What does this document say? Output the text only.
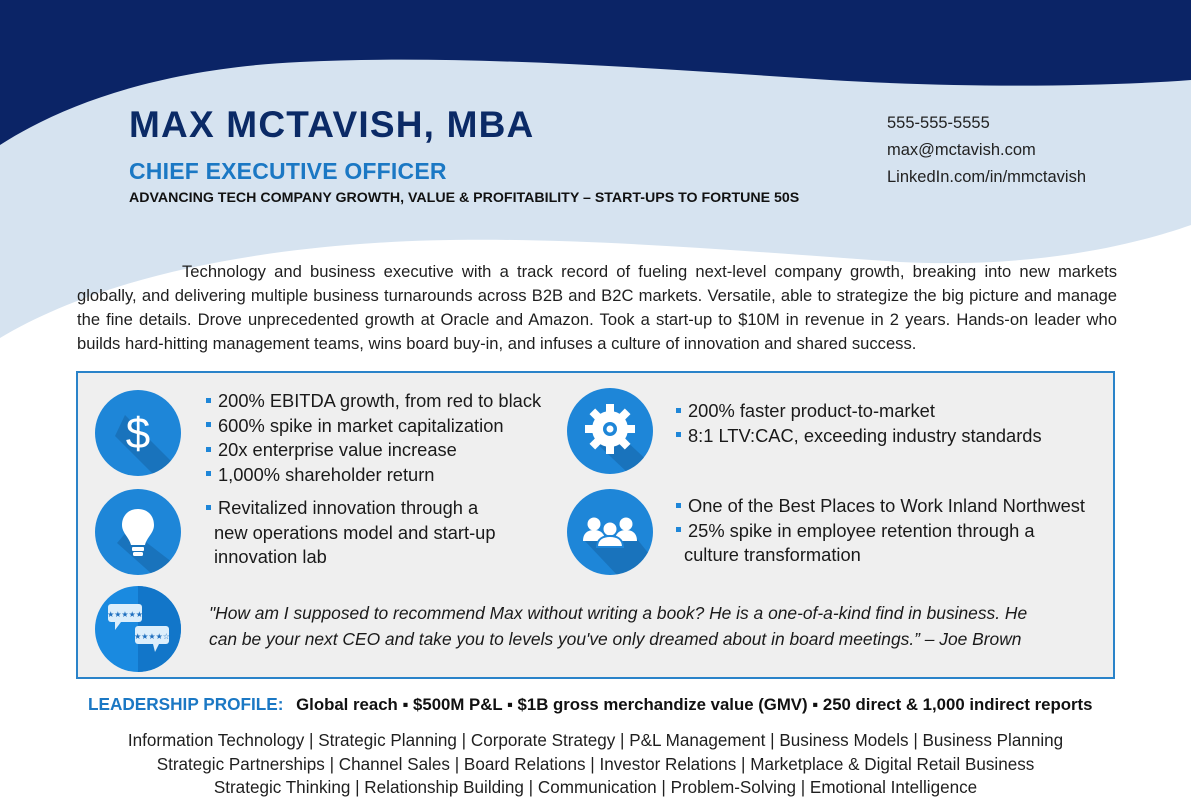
MAX MCTAVISH, MBA
CHIEF EXECUTIVE OFFICER
ADVANCING TECH COMPANY GROWTH, VALUE & PROFITABILITY – START-UPS TO FORTUNE 50S
555-555-5555
max@mctavish.com
LinkedIn.com/in/mmctavish
Technology and business executive with a track record of fueling next-level company growth, breaking into new markets globally, and delivering multiple business turnarounds across B2B and B2C markets. Versatile, able to strategize the big picture and manage the fine details. Drove unprecedented growth at Oracle and Amazon. Took a start-up to $10M in revenue in 2 years. Hands-on leader who builds hard-hitting management teams, wins board buy-in, and infuses a culture of innovation and shared success.
$
200% EBITDA growth, from red to black
600% spike in market capitalization
20x enterprise value increase
1,000% shareholder return
200% faster product-to-market
8:1 LTV:CAC, exceeding industry standards
Revitalized innovation through a
new operations model and start-up
innovation lab
One of the Best Places to Work Inland Northwest
25% spike in employee retention through a
culture transformation
★★★★★
★★★★☆
"How am I supposed to recommend Max without writing a book? He is a one-of-a-kind find in business. He
can be your next CEO and take you to levels you've only dreamed about in board meetings.” – Joe Brown
LEADERSHIP PROFILE: Global reach ▪ $500M P&L ▪ $1B gross merchandize value (GMV) ▪ 250 direct & 1,000 indirect reports
Information Technology | Strategic Planning | Corporate Strategy | P&L Management | Business Models | Business Planning
Strategic Partnerships | Channel Sales | Board Relations | Investor Relations | Marketplace & Digital Retail Business
Strategic Thinking | Relationship Building | Communication | Problem-Solving | Emotional Intelligence
